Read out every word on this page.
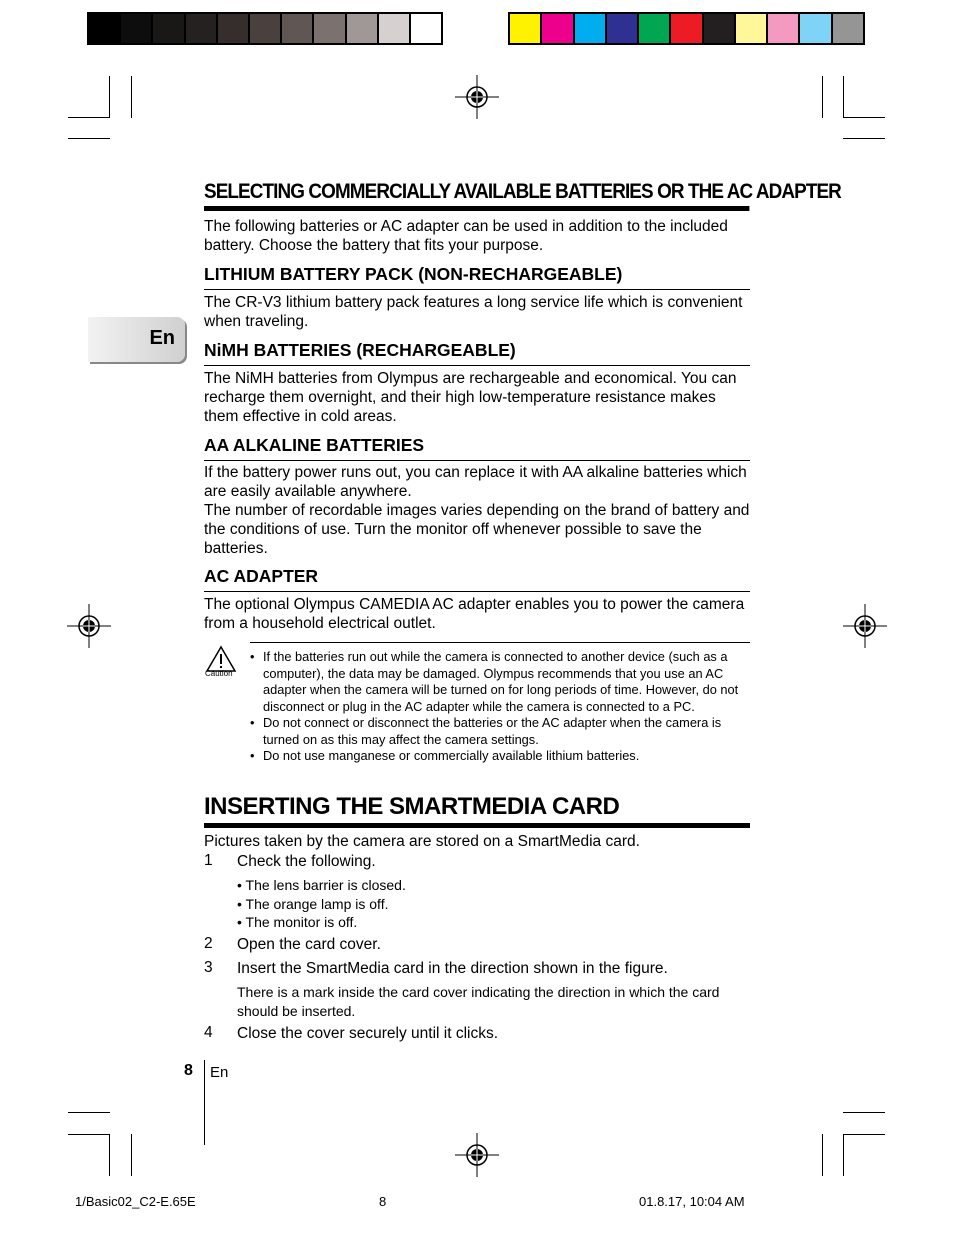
En
SELECTING COMMERCIALLY AVAILABLE BATTERIES OR THE AC ADAPTER
The following batteries or AC adapter can be used in addition to the included battery. Choose the battery that fits your purpose.
LITHIUM BATTERY PACK (NON-RECHARGEABLE)
The CR-V3 lithium battery pack features a long service life which is convenient when traveling.
NiMH BATTERIES (RECHARGEABLE)
The NiMH batteries from Olympus are rechargeable and economical. You can recharge them overnight, and their high low-temperature resistance makes them effective in cold areas.
AA ALKALINE BATTERIES
If the battery power runs out, you can replace it with AA alkaline batteries which are easily available anywhere.
The number of recordable images varies depending on the brand of battery and the conditions of use. Turn the monitor off whenever possible to save the batteries.
AC ADAPTER
The optional Olympus CAMEDIA AC adapter enables you to power the camera from a household electrical outlet.
Caution
• If the batteries run out while the camera is connected to another device (such as a computer), the data may be damaged. Olympus recommends that you use an AC adapter when the camera will be turned on for long periods of time. However, do not disconnect or plug in the AC adapter while the camera is connected to a PC.
• Do not connect or disconnect the batteries or the AC adapter when the camera is turned on as this may affect the camera settings.
• Do not use manganese or commercially available lithium batteries.
INSERTING THE SMARTMEDIA CARD
Pictures taken by the camera are stored on a SmartMedia card.
1 Check the following.
• The lens barrier is closed.
• The orange lamp is off.
• The monitor is off.
2 Open the card cover.
3 Insert the SmartMedia card in the direction shown in the figure.
There is a mark inside the card cover indicating the direction in which the card should be inserted.
4 Close the cover securely until it clicks.
8 En
1/Basic02_C2-E.65E	8	01.8.17, 10:04 AM
